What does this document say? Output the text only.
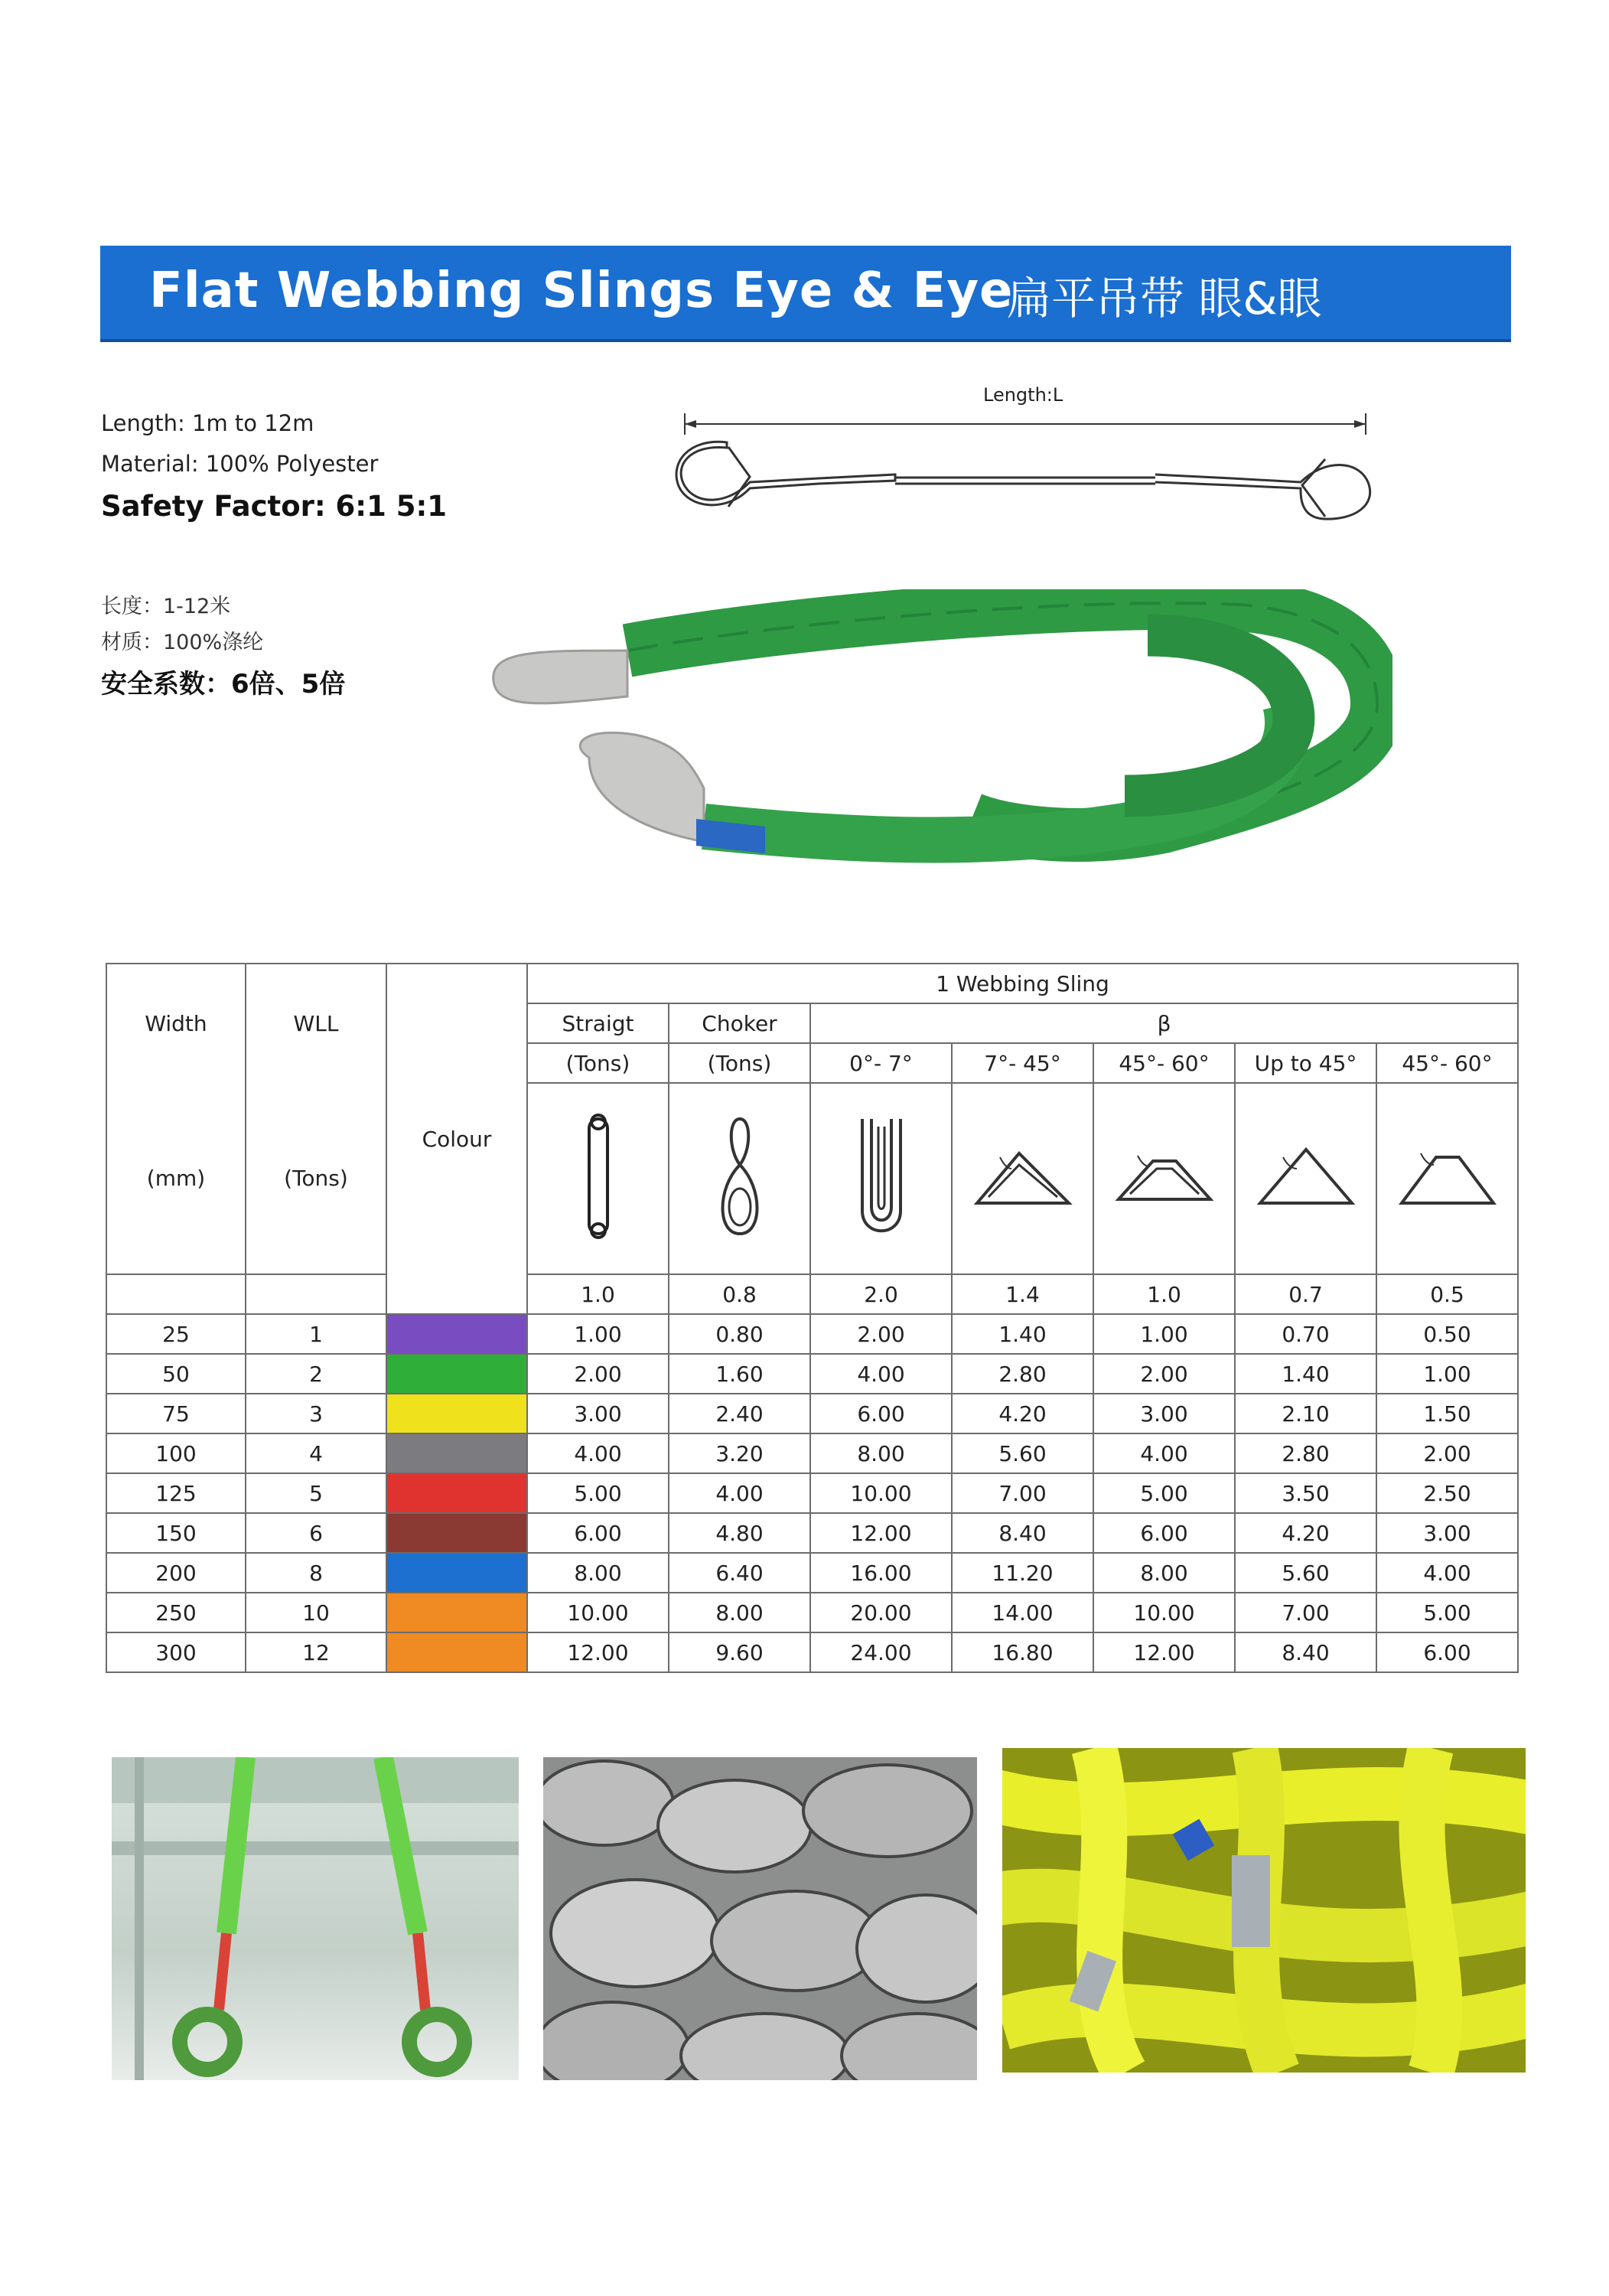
Flat Webbing Slings Eye & Eye
扁平吊带 眼&眼
Length: 1m to 12m
Material: 100% Polyester
Safety Factor: 6:1 5:1
长度：1-12米
材质：100%涤纶
安全系数：6倍、5倍
Length:L
Width	WLL	Colour	1 Webbing Sling						
			Straigt	Choker	β				
			(Tons)	(Tons)	0°- 7°	7°- 45°	45°- 60°	Up to 45°	45°- 60°
(mm)	(Tons)							
			1.0	0.8	2.0	1.4	1.0	0.7	0.5
25	1		1.00	0.80	2.00	1.40	1.00	0.70	0.50
50	2		2.00	1.60	4.00	2.80	2.00	1.40	1.00
75	3		3.00	2.40	6.00	4.20	3.00	2.10	1.50
100	4		4.00	3.20	8.00	5.60	4.00	2.80	2.00
125	5		5.00	4.00	10.00	7.00	5.00	3.50	2.50
150	6		6.00	4.80	12.00	8.40	6.00	4.20	3.00
200	8		8.00	6.40	16.00	11.20	8.00	5.60	4.00
250	10		10.00	8.00	20.00	14.00	10.00	7.00	5.00
300	12		12.00	9.60	24.00	16.80	12.00	8.40	6.00
